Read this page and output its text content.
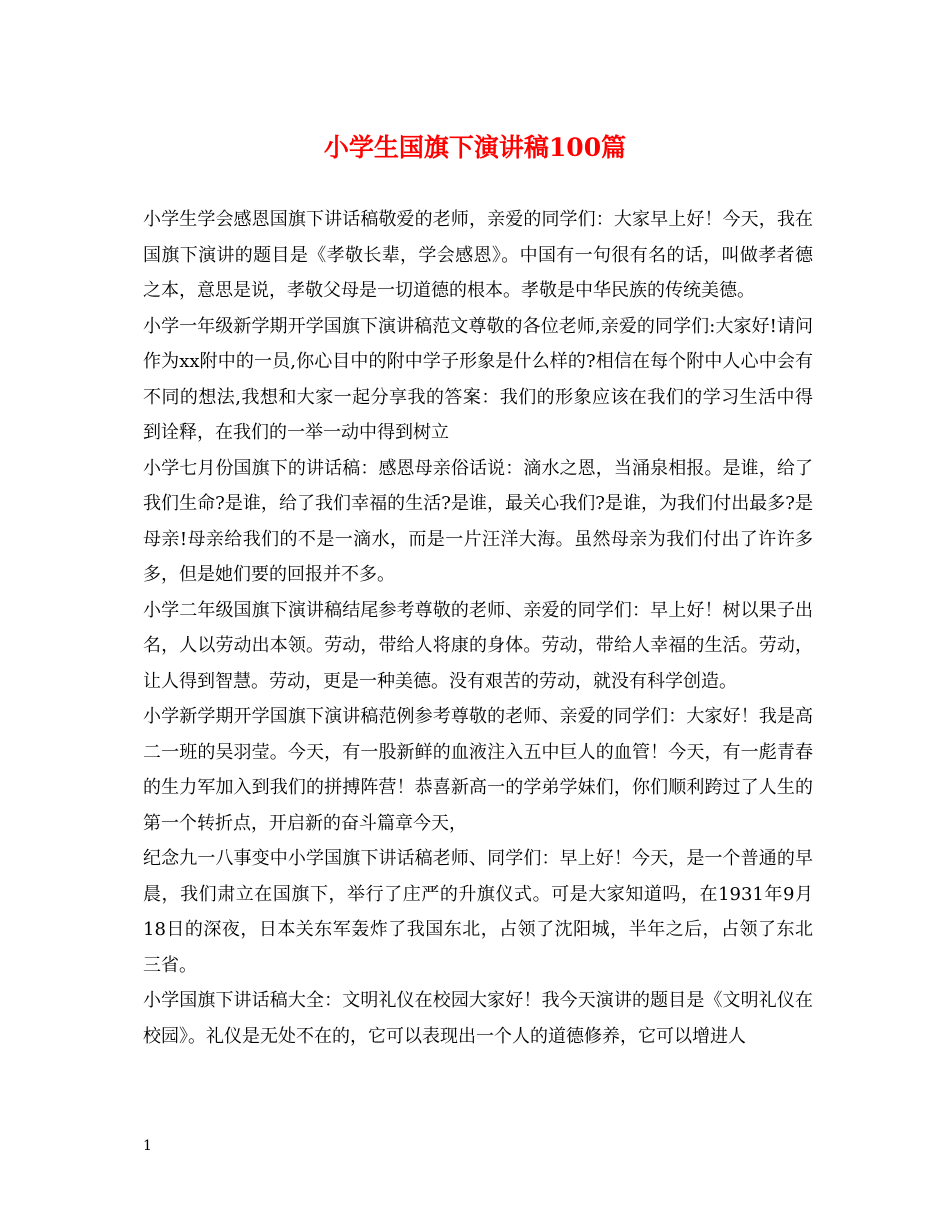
小学生国旗下演讲稿100篇

小学生学会感恩国旗下讲话稿敬爱的老师，亲爱的同学们：大家早上好！今天，我在国旗下演讲的题目是《孝敬长辈，学会感恩》。中国有一句很有名的话，叫做孝者德之本，意思是说，孝敬父母是一切道德的根本。孝敬是中华民族的传统美德。

小学一年级新学期开学国旗下演讲稿范文尊敬的各位老师,亲爱的同学们:大家好!请问作为xx附中的一员,你心目中的附中学子形象是什么样的?相信在每个附中人心中会有不同的想法,我想和大家一起分享我的答案：我们的形象应该在我们的学习生活中得到诠释，在我们的一举一动中得到树立

小学七月份国旗下的讲话稿：感恩母亲俗话说：滴水之恩，当涌泉相报。是谁，给了我们生命?是谁，给了我们幸福的生活?是谁，最关心我们?是谁，为我们付出最多?是母亲!母亲给我们的不是一滴水，而是一片汪洋大海。虽然母亲为我们付出了许许多多，但是她们要的回报并不多。

小学二年级国旗下演讲稿结尾参考尊敬的老师、亲爱的同学们：早上好！树以果子出名，人以劳动出本领。劳动，带给人将康的身体。劳动，带给人幸福的生活。劳动，让人得到智慧。劳动，更是一种美德。没有艰苦的劳动，就没有科学创造。

小学新学期开学国旗下演讲稿范例参考尊敬的老师、亲爱的同学们：大家好！我是高二一班的吴羽莹。今天，有一股新鲜的血液注入五中巨人的血管！今天，有一彪青春的生力军加入到我们的拼搏阵营！恭喜新高一的学弟学妹们，你们顺利跨过了人生的第一个转折点，开启新的奋斗篇章今天，

纪念九一八事变中小学国旗下讲话稿老师、同学们：早上好！今天，是一个普通的早晨，我们肃立在国旗下，举行了庄严的升旗仪式。可是大家知道吗，在1931年9月18日的深夜，日本关东军轰炸了我国东北，占领了沈阳城，半年之后，占领了东北三省。

小学国旗下讲话稿大全：文明礼仪在校园大家好！我今天演讲的题目是《文明礼仪在校园》。礼仪是无处不在的，它可以表现出一个人的道德修养，它可以增进人

1
